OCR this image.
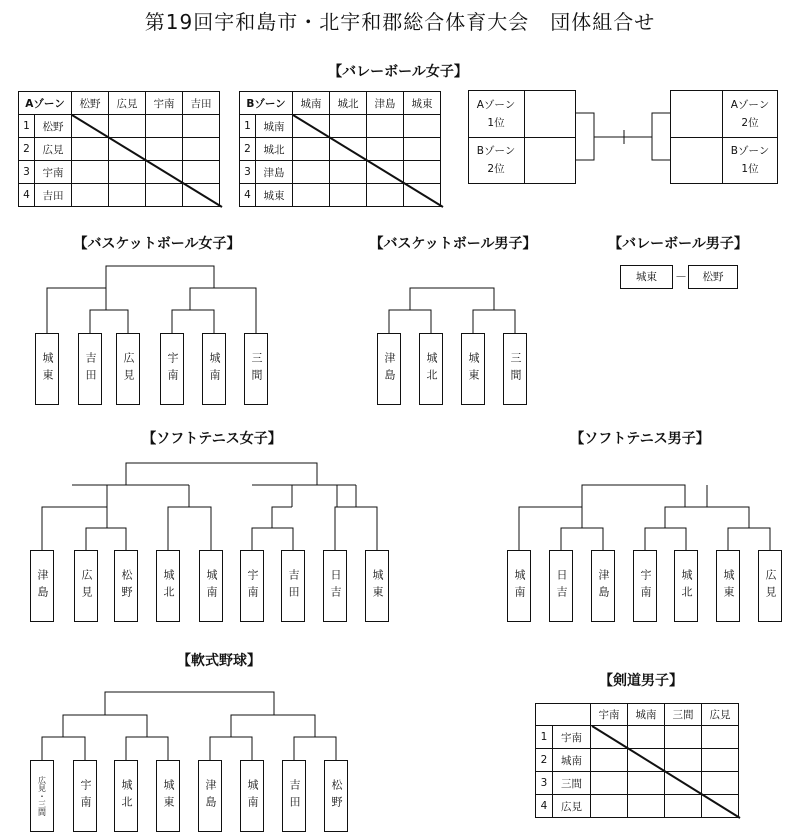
第19回宇和島市・北宇和郡総合体育大会　団体組合せ
【バレーボール女子】
【バスケットボール女子】	【バスケットボール男子】	【バレーボール男子】
【ソフトテニス女子】	【ソフトテニス男子】
【軟式野球】
【剣道男子】
Aゾーン		松野	広見	宇南	吉田
1	松野				
2	広見				
3	宇南				
4	吉田				
Bゾーン		城南	城北	津島	城東
1	城南				
2	城北				
3	津島				
4	城東				
Aゾーン
1位
Bゾーン
2位
Aゾーン
2位
Bゾーン
1位
城東	－	松野
		宇南	城南	三間	広見
1	宇南				
2	城南				
3	三間				
4	広見				
城東	吉田	広見	宇南	城南	三間	津島	城北	城東	三間
津島	広見	松野	城北	城南	宇南	吉田	日吉	城東	城南	日吉	津島	宇南	城北	城東	広見
広見・三間	宇南	城北	城東	津島	城南	吉田	松野
